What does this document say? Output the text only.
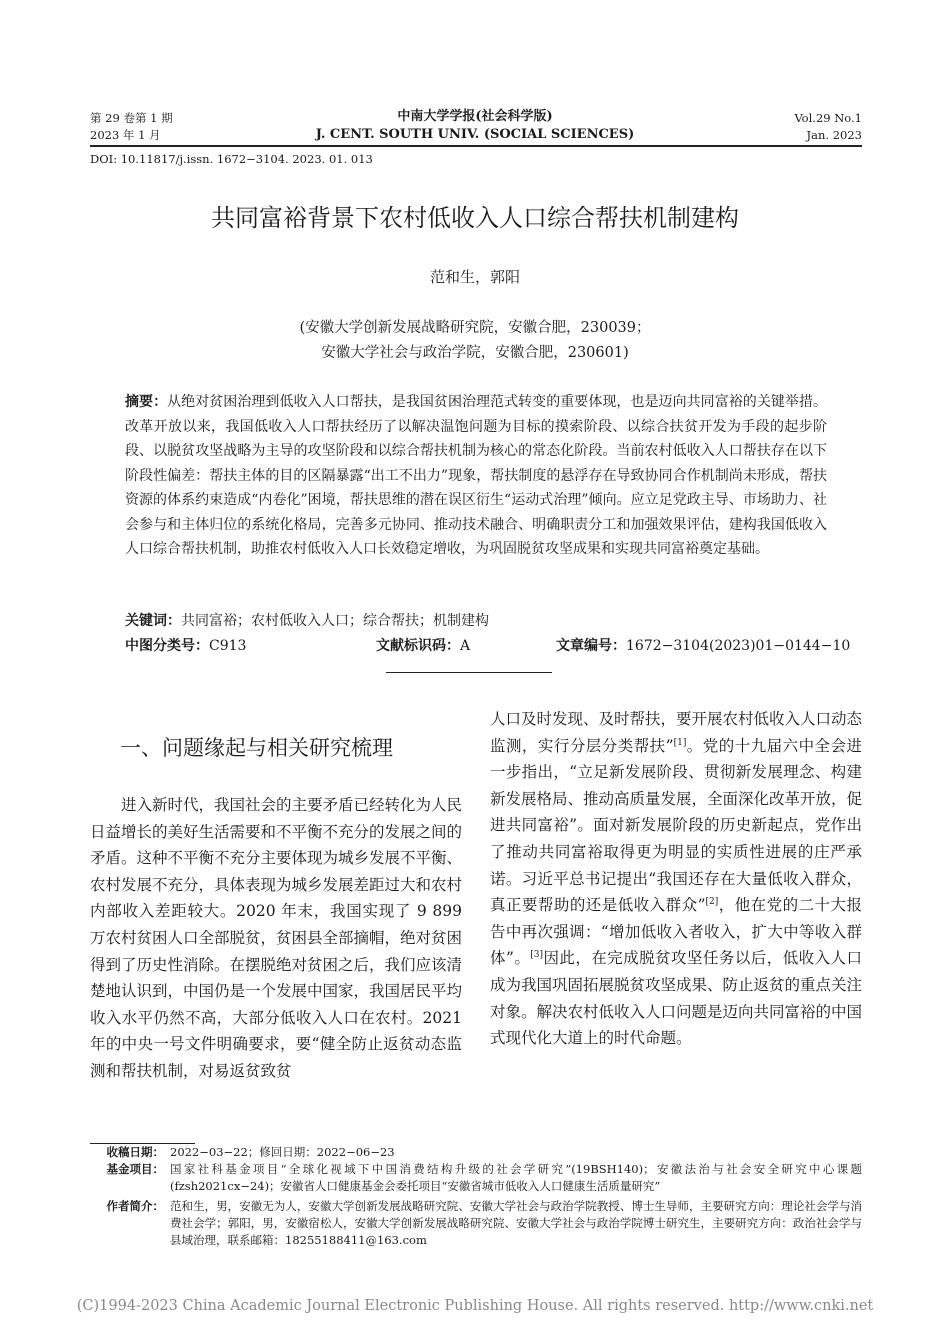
第 29 卷第 1 期
2023 年 1 月
中南大学学报(社会科学版)
J. CENT. SOUTH UNIV. (SOCIAL SCIENCES)
Vol.29 No.1
Jan. 2023
DOI: 10.11817/j.issn. 1672−3104. 2023. 01. 013
共同富裕背景下农村低收入人口综合帮扶机制建构
范和生，郭阳
(安徽大学创新发展战略研究院，安徽合肥，230039；
安徽大学社会与政治学院，安徽合肥，230601)
摘要：从绝对贫困治理到低收入人口帮扶，是我国贫困治理范式转变的重要体现，也是迈向共同富裕的关键举措。改革开放以来，我国低收入人口帮扶经历了以解决温饱问题为目标的摸索阶段、以综合扶贫开发为手段的起步阶段、以脱贫攻坚战略为主导的攻坚阶段和以综合帮扶机制为核心的常态化阶段。当前农村低收入人口帮扶存在以下阶段性偏差：帮扶主体的目的区隔暴露“出工不出力”现象，帮扶制度的悬浮存在导致协同合作机制尚未形成，帮扶资源的体系约束造成“内卷化”困境，帮扶思维的潜在误区衍生“运动式治理”倾向。应立足党政主导、市场助力、社会参与和主体归位的系统化格局，完善多元协同、推动技术融合、明确职责分工和加强效果评估，建构我国低收入人口综合帮扶机制，助推农村低收入人口长效稳定增收，为巩固脱贫攻坚成果和实现共同富裕奠定基础。
关键词：共同富裕；农村低收入人口；综合帮扶；机制建构
中图分类号：C913	文献标识码：A	文章编号：1672−3104(2023)01−0144−10
一、问题缘起与相关研究梳理

进入新时代，我国社会的主要矛盾已经转化为人民日益增长的美好生活需要和不平衡不充分的发展之间的矛盾。这种不平衡不充分主要体现为城乡发展不平衡、农村发展不充分，具体表现为城乡发展差距过大和农村内部收入差距较大。2020 年末，我国实现了 9 899 万农村贫困人口全部脱贫，贫困县全部摘帽，绝对贫困得到了历史性消除。在摆脱绝对贫困之后，我们应该清楚地认识到，中国仍是一个发展中国家，我国居民平均收入水平仍然不高，大部分低收入人口在农村。2021 年的中央一号文件明确要求，要“健全防止返贫动态监测和帮扶机制，对易返贫致贫

人口及时发现、及时帮扶，要开展农村低收入人口动态监测，实行分层分类帮扶”[1]。党的十九届六中全会进一步指出，“立足新发展阶段、贯彻新发展理念、构建新发展格局、推动高质量发展，全面深化改革开放，促进共同富裕”。面对新发展阶段的历史新起点，党作出了推动共同富裕取得更为明显的实质性进展的庄严承诺。习近平总书记提出“我国还存在大量低收入群众，真正要帮助的还是低收入群众”[2]，他在党的二十大报告中再次强调：“增加低收入者收入，扩大中等收入群体”。[3]因此，在完成脱贫攻坚任务以后，低收入人口成为我国巩固拓展脱贫攻坚成果、防止返贫的重点关注对象。解决农村低收入人口问题是迈向共同富裕的中国式现代化大道上的时代命题。

收稿日期： 2022−03−22；修回日期：2022−06−23
基金项目： 国家社科基金项目“全球化视域下中国消费结构升级的社会学研究”(19BSH140)；安徽法治与社会安全研究中心课题(fzsh2021cx−24)；安徽省人口健康基金会委托项目“安徽省城市低收入人口健康生活质量研究”
作者简介： 范和生，男，安徽无为人，安徽大学创新发展战略研究院、安徽大学社会与政治学院教授、博士生导师，主要研究方向：理论社会学与消费社会学；郭阳，男，安徽宿松人，安徽大学创新发展战略研究院、安徽大学社会与政治学院博士研究生，主要研究方向：政治社会学与县域治理，联系邮箱：18255188411@163.com
(C)1994-2023 China Academic Journal Electronic Publishing House. All rights reserved. http://www.cnki.net
